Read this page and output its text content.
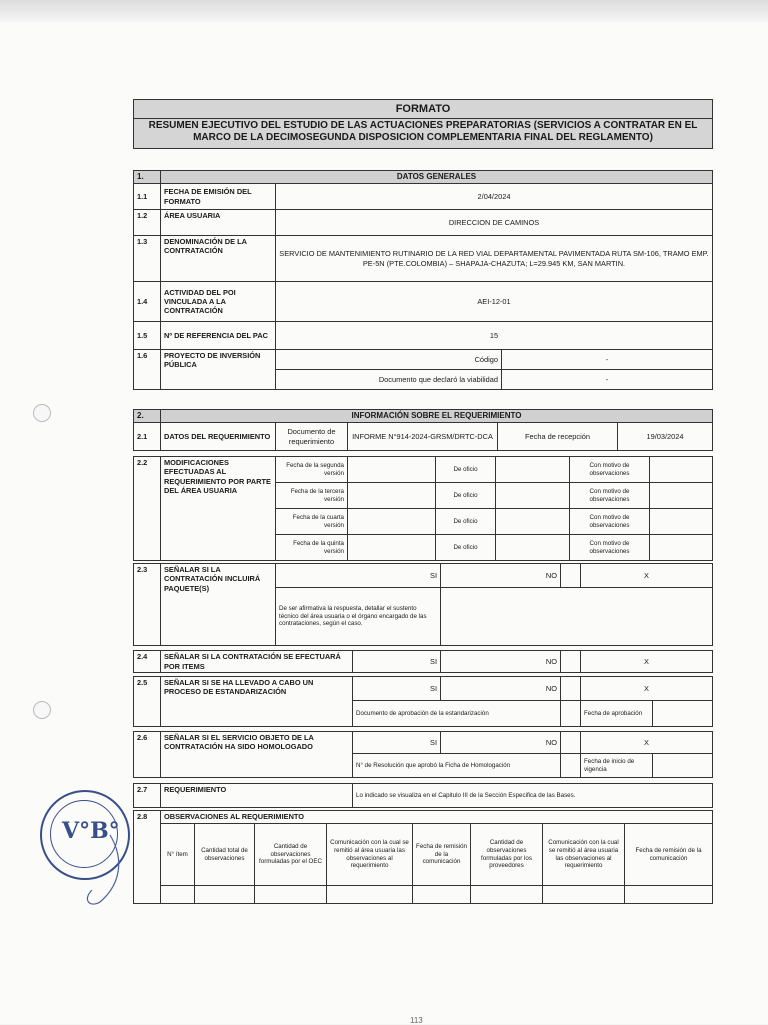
FORMATO
RESUMEN EJECUTIVO DEL ESTUDIO DE LAS ACTUACIONES PREPARATORIAS (SERVICIOS A CONTRATAR EN EL MARCO DE LA DECIMOSEGUNDA DISPOSICION COMPLEMENTARIA FINAL DEL REGLAMENTO)
1.	DATOS GENERALES	
1.1	FECHA DE EMISIÓN DEL FORMATO	2/04/2024
1.2	ÁREA USUARIA	DIRECCION DE CAMINOS
1.3	DENOMINACIÓN DE LA CONTRATACIÓN	SERVICIO DE MANTENIMIENTO RUTINARIO DE LA RED VIAL DEPARTAMENTAL PAVIMENTADA RUTA SM-106, TRAMO EMP. PE-5N (PTE.COLOMBIA) – SHAPAJA-CHAZUTA; L=29.945 KM, SAN MARTIN.
1.4	ACTIVIDAD DEL POI VINCULADA A LA CONTRATACIÓN	AEI-12-01
1.5	Nº DE REFERENCIA DEL PAC	15
1.6	PROYECTO DE INVERSIÓN PÚBLICA	Código	-
		Documento que declaró la viabilidad	-
2.	INFORMACIÓN SOBRE EL REQUERIMIENTO				
2.1	DATOS DEL REQUERIMIENTO	Documento de requerimiento	INFORME N°914-2024-GRSM/DRTC-DCA	Fecha de recepción	19/03/2024
2.2	MODIFICACIONES EFECTUADAS AL REQUERIMIENTO POR PARTE DEL ÁREA USUARIA	Fecha de la segunda versión		De oficio		Con motivo de observaciones	
		Fecha de la tercera versión		De oficio		Con motivo de observaciones	
		Fecha de la cuarta versión		De oficio		Con motivo de observaciones	
		Fecha de la quinta versión		De oficio		Con motivo de observaciones	
2.3	SEÑALAR SI LA CONTRATACIÓN INCLUIRÁ PAQUETE(S)	SI	NO		X
		De ser afirmativa la respuesta, detallar el sustento técnico del área usuaria o el órgano encargado de las contrataciones, según el caso.			
2.4	SEÑALAR SI LA CONTRATACIÓN SE EFECTUARÁ POR ITEMS	SI	NO		X
2.5	SEÑALAR SI SE HA LLEVADO A CABO UN PROCESO DE ESTANDARIZACIÓN	SI	NO		X	
		Documento de aprobación de la estandarización			Fecha de aprobación	
2.6	SEÑALAR SI EL SERVICIO OBJETO DE LA CONTRATACIÓN HA SIDO HOMOLOGADO	SI	NO		X	
		N° de Resolución que aprobó la Ficha de Homologación			Fecha de inicio de vigencia	
2.7	REQUERIMIENTO	Lo indicado se visualiza en el Capitulo III de la Sección Especifica de las Bases.
2.8	OBSERVACIONES AL REQUERIMIENTO							
	N° ítem	Cantidad total de observaciones	Cantidad de observaciones formuladas por el OEC	Comunicación con la cual se remitió al área usuaria las observaciones al requerimiento	Fecha de remisión de la comunicación	Cantidad de observaciones formuladas por los proveedores	Comunicación con la cual se remitió al área usuaria las observaciones al requerimiento	Fecha de remisión de la comunicación

V°B°
113
